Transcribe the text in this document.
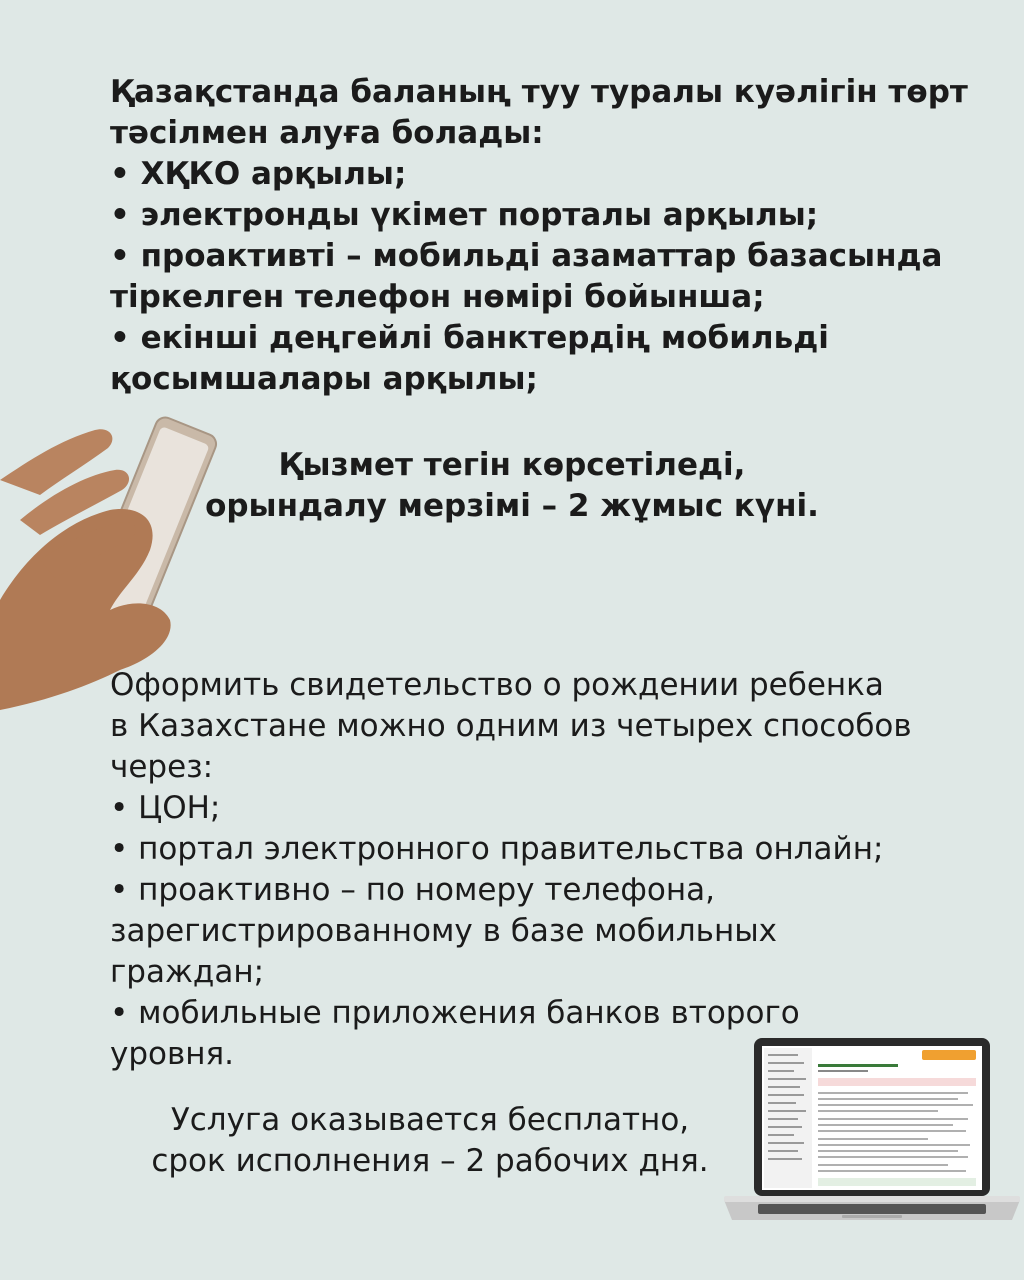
Қазақстанда баланың туу туралы куәлігін төрт
тәсілмен алуға болады:
• ХҚКО арқылы;
• электронды үкімет порталы арқылы;
• проактивті – мобильді азаматтар базасында
тіркелген телефон нөмірі бойынша;
• екінші деңгейлі банктердің мобильді
қосымшалары арқылы;
Қызмет тегін көрсетіледі,
орындалу мерзімі – 2 жұмыс күні.
Оформить свидетельство о рождении ребенка
в Казахстане можно одним из четырех способов
через:
• ЦОН;
• портал электронного правительства онлайн;
• проактивно – по номеру телефона,
зарегистрированному в базе мобильных
граждан;
• мобильные приложения банков второго
уровня.
Услуга оказывается бесплатно,
срок исполнения – 2 рабочих дня.
